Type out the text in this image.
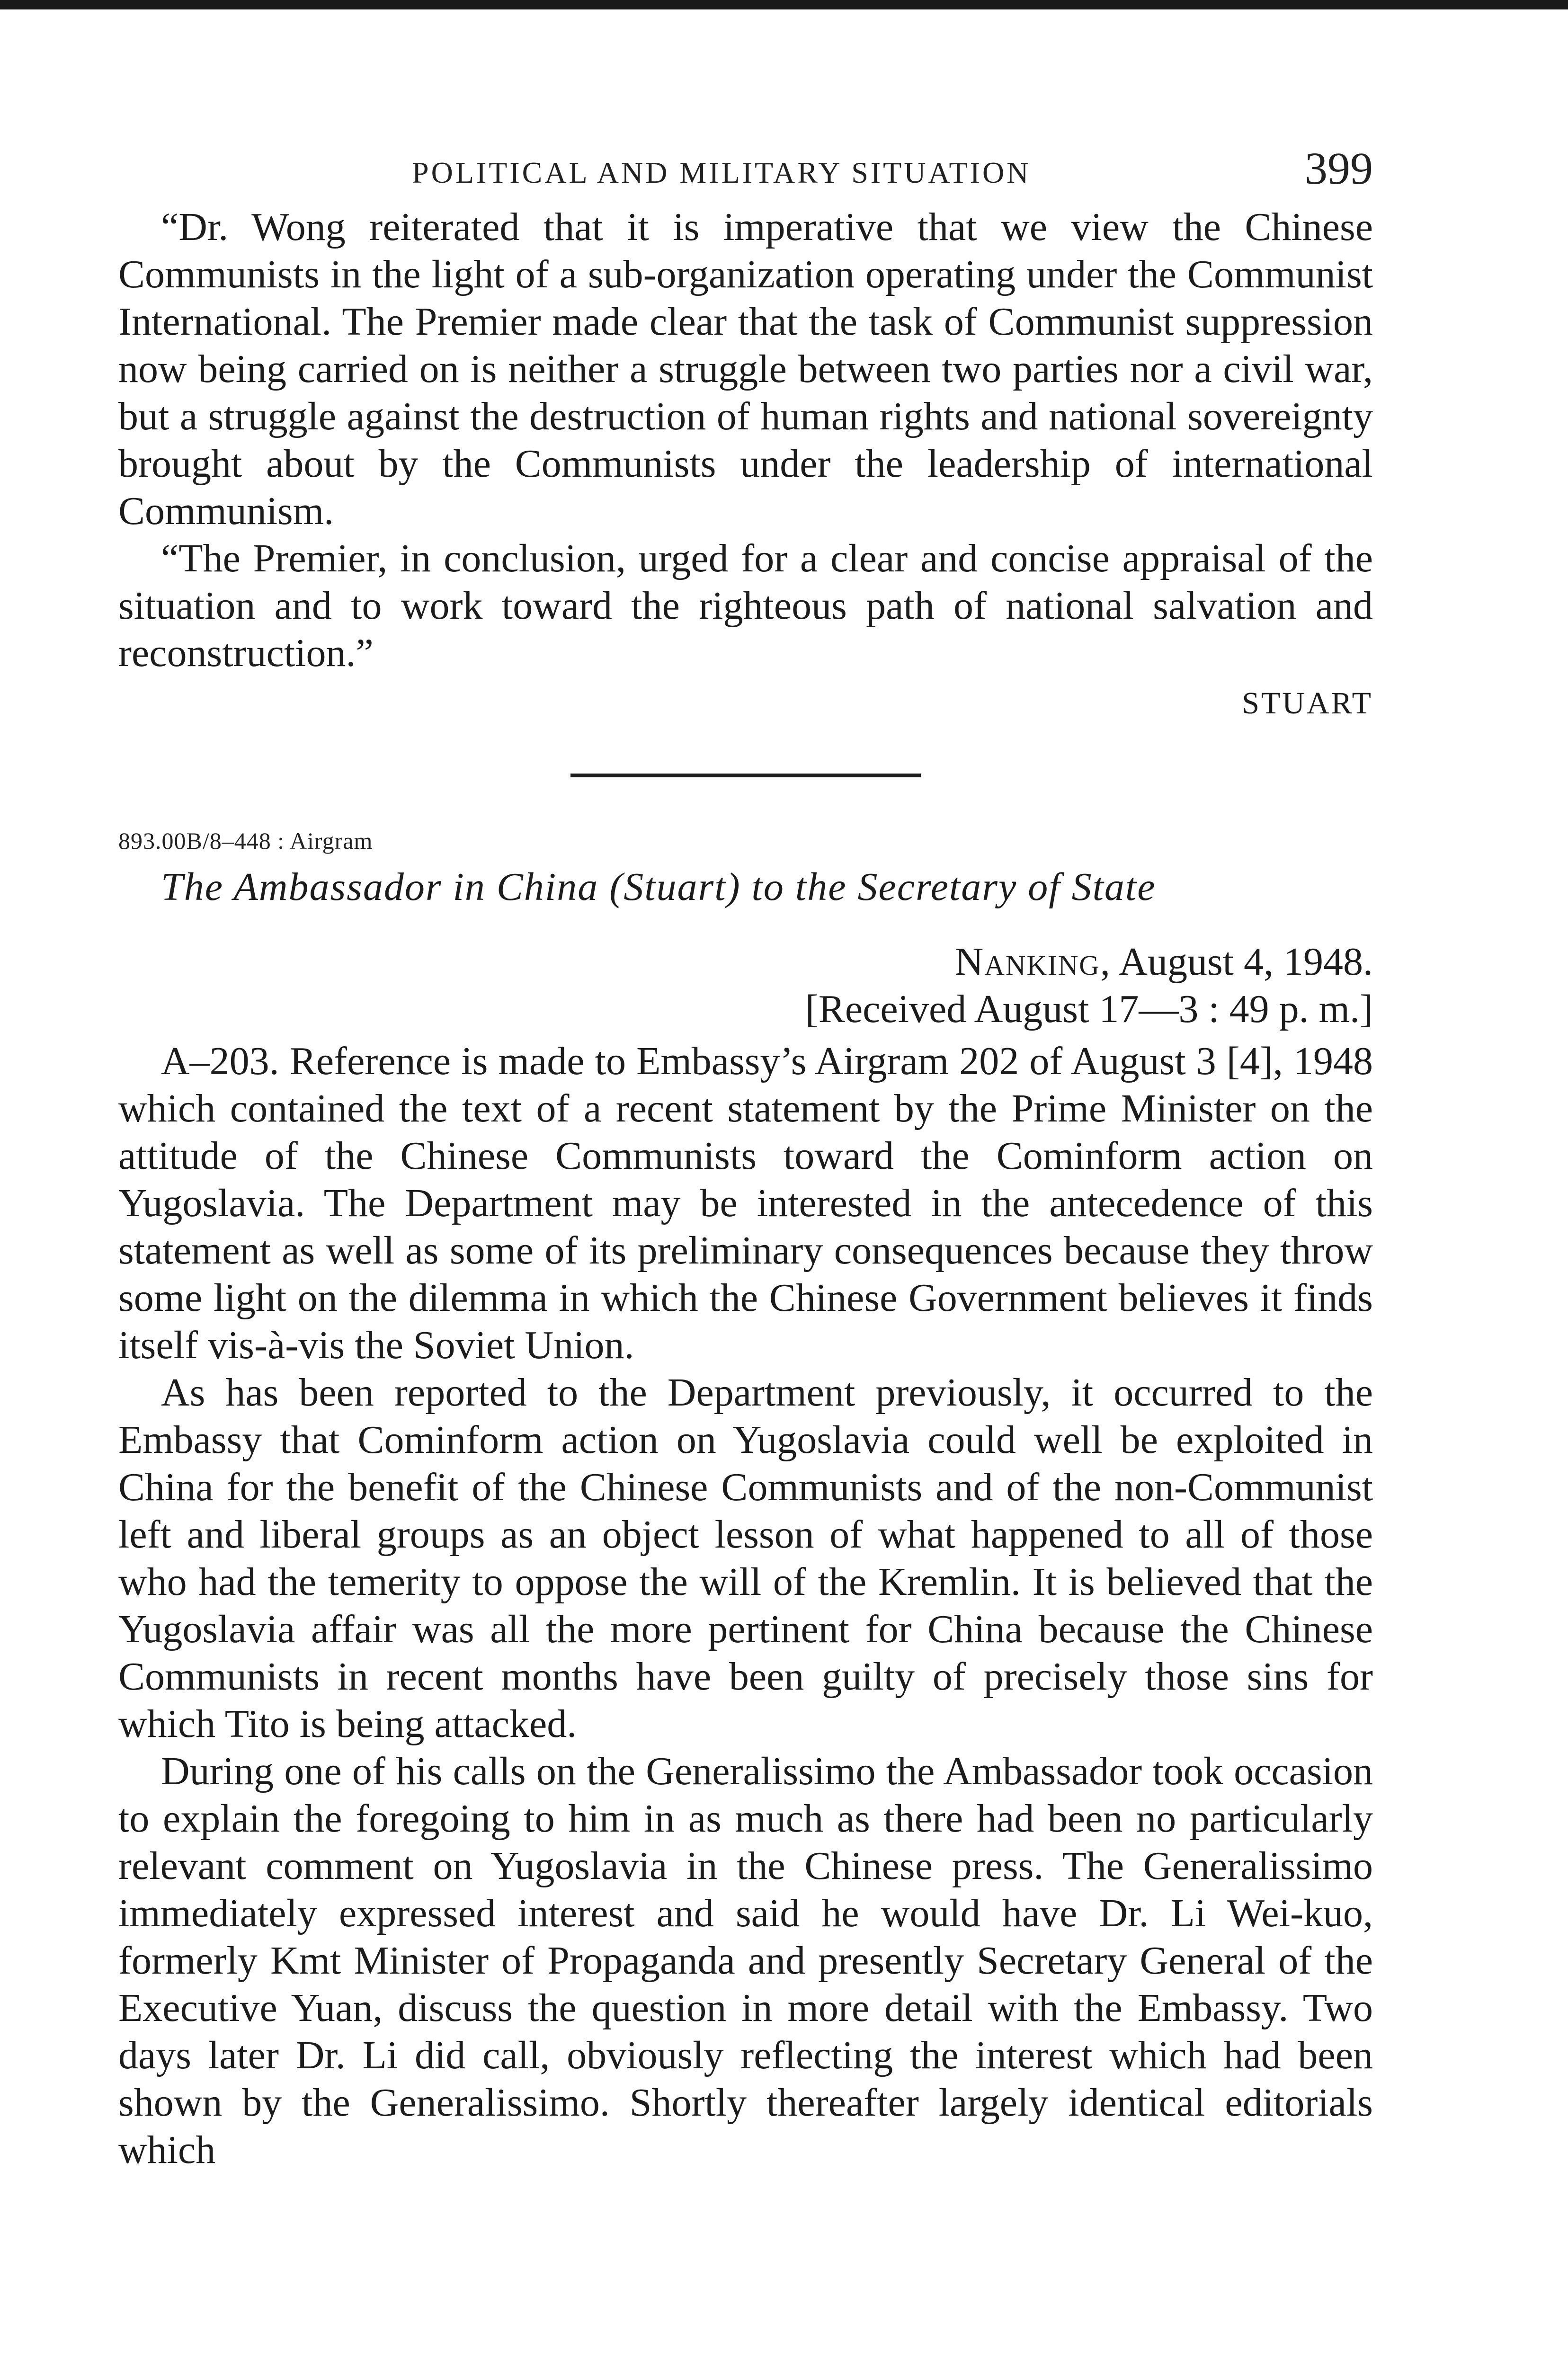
POLITICAL AND MILITARY SITUATION	399

“Dr. Wong reiterated that it is imperative that we view the Chinese Communists in the light of a sub-organization operating under the Communist International. The Premier made clear that the task of Communist suppression now being carried on is neither a struggle between two parties nor a civil war, but a struggle against the destruction of human rights and national sovereignty brought about by the Communists under the leadership of international Communism.

“The Premier, in conclusion, urged for a clear and concise appraisal of the situation and to work toward the righteous path of national salvation and reconstruction.”

STUART
893.00B/8–448 : Airgram
The Ambassador in China (Stuart) to the Secretary of State
Nanking, August 4, 1948.
[Received August 17—3 : 49 p. m.]

A–203. Reference is made to Embassy’s Airgram 202 of August 3 [4], 1948 which contained the text of a recent statement by the Prime Minister on the attitude of the Chinese Communists toward the Cominform action on Yugoslavia. The Department may be interested in the antecedence of this statement as well as some of its preliminary consequences because they throw some light on the dilemma in which the Chinese Government believes it finds itself vis-à-vis the Soviet Union.

As has been reported to the Department previously, it occurred to the Embassy that Cominform action on Yugoslavia could well be exploited in China for the benefit of the Chinese Communists and of the non-Communist left and liberal groups as an object lesson of what happened to all of those who had the temerity to oppose the will of the Kremlin. It is believed that the Yugoslavia affair was all the more pertinent for China because the Chinese Communists in recent months have been guilty of precisely those sins for which Tito is being attacked.

During one of his calls on the Generalissimo the Ambassador took occasion to explain the foregoing to him in as much as there had been no particularly relevant comment on Yugoslavia in the Chinese press. The Generalissimo immediately expressed interest and said he would have Dr. Li Wei-kuo, formerly Kmt Minister of Propaganda and presently Secretary General of the Executive Yuan, discuss the question in more detail with the Embassy. Two days later Dr. Li did call, obviously reflecting the interest which had been shown by the Generalissimo. Shortly thereafter largely identical editorials which
